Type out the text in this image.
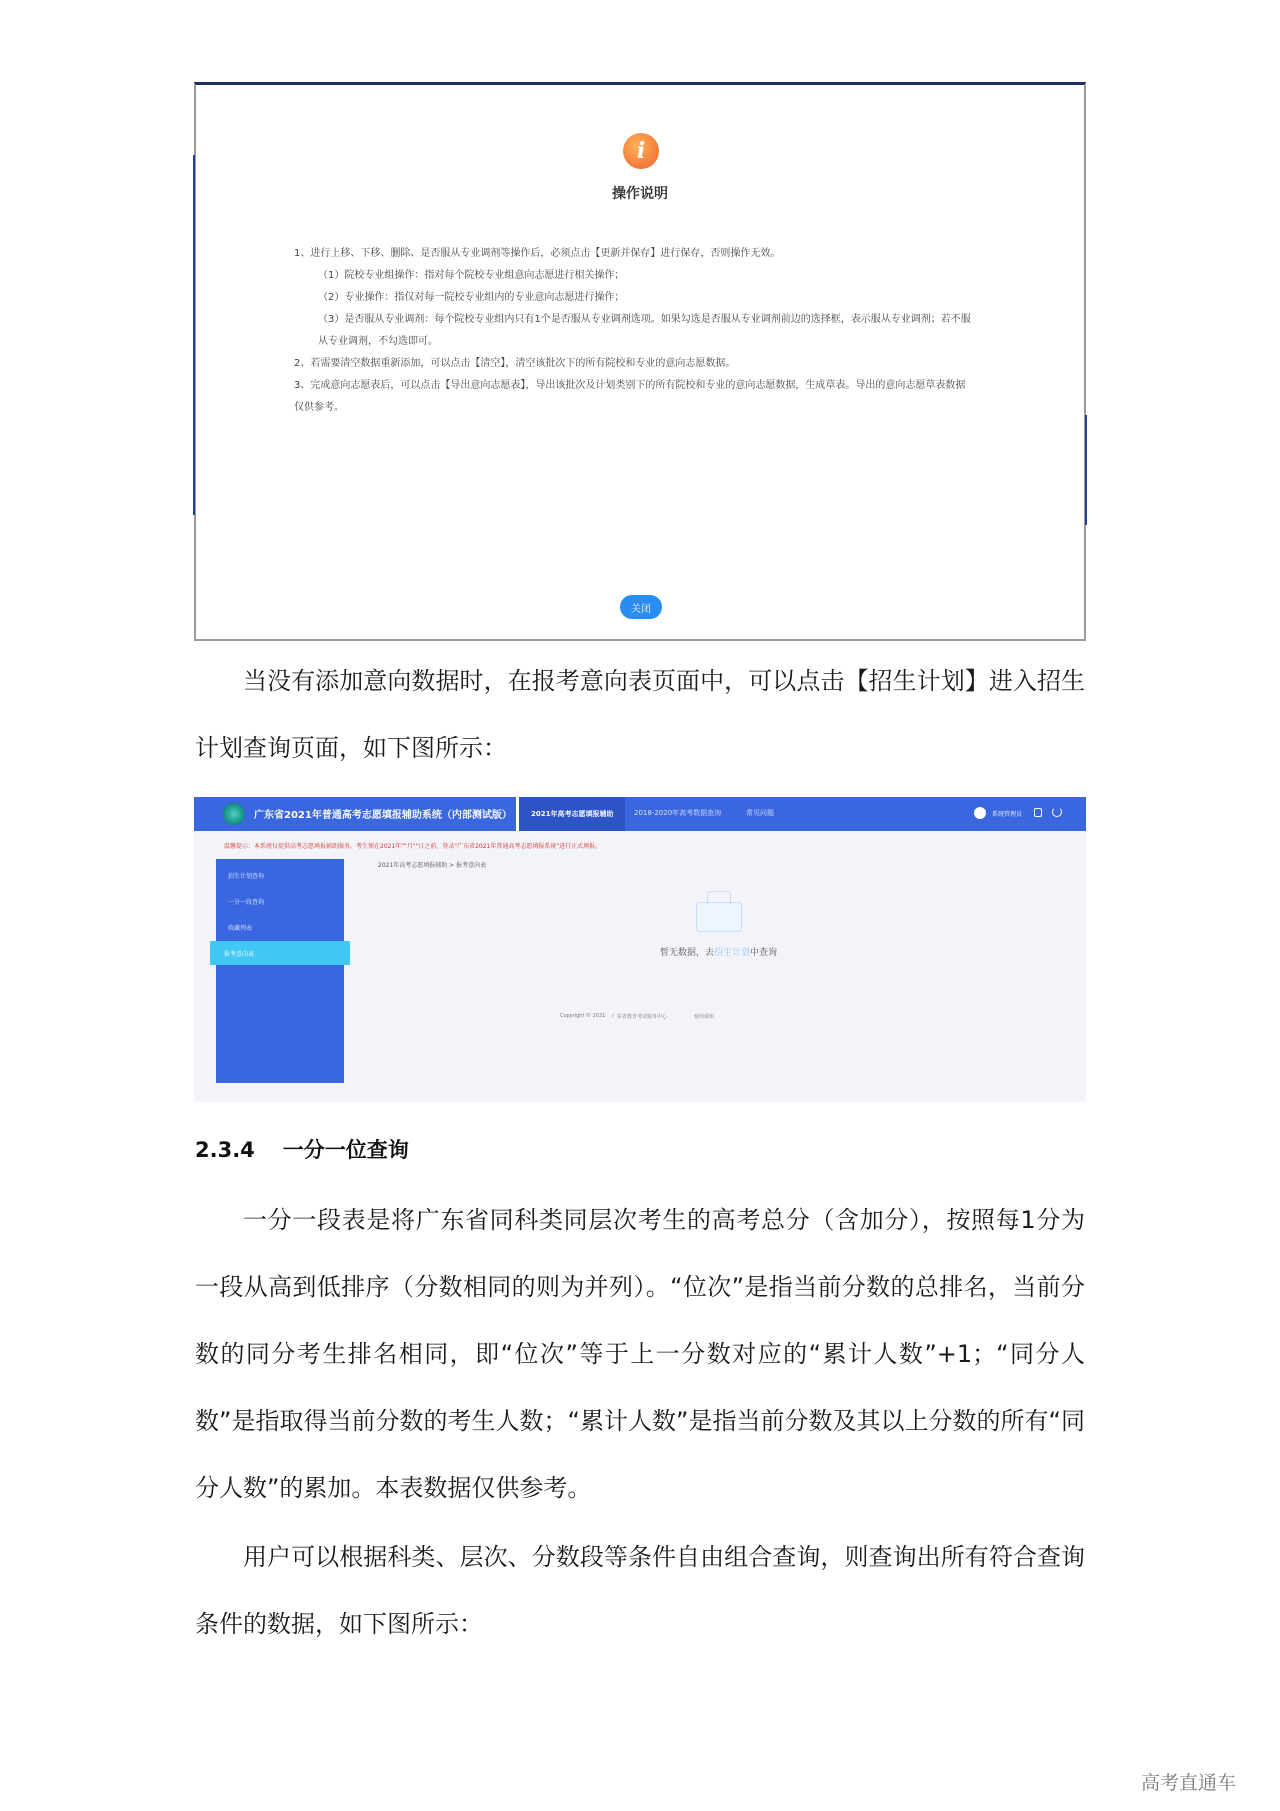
i
操作说明

1、进行上移、下移、删除、是否服从专业调剂等操作后，必须点击【更新并保存】进行保存，否则操作无效。

（1）院校专业组操作：指对每个院校专业组意向志愿进行相关操作；

（2）专业操作：指仅对每一院校专业组内的专业意向志愿进行操作；

（3）是否服从专业调剂：每个院校专业组内只有1个是否服从专业调剂选项。如果勾选是否服从专业调剂前边的选择框，表示服从专业调剂；若不服从专业调剂，不勾选即可。

2、若需要清空数据重新添加，可以点击【清空】，清空该批次下的所有院校和专业的意向志愿数据。

3、完成意向志愿表后，可以点击【导出意向志愿表】，导出该批次及计划类别下的所有院校和专业的意向志愿数据，生成草表。导出的意向志愿草表数据仅供参考。

关闭

当没有添加意向数据时，在报考意向表页面中，可以点击【招生计划】进入招生计划查询页面，如下图所示：

广东省2021年普通高考志愿填报辅助系统（内部测试版）	2021年高考志愿填报辅助	2018-2020年高考数据查询	常见问题	系统管理员
温馨提示：本系统仅提供高考志愿填报辅助服务。考生须在2021年""月""日之前，登录"广东省2021年普通高考志愿填报系统"进行正式填报。
招生计划查询
一分一段查询
收藏列表
报考意向表
2021年高考志愿填报辅助 > 报考意向表
暂无数据，去招生计划中查询
Copyright © 2021 广东省教育考试服务中心	使用须知
2.3.4 一分一位查询

一分一段表是将广东省同科类同层次考生的高考总分（含加分），按照每1分为一段从高到低排序（分数相同的则为并列）。“位次”是指当前分数的总排名，当前分数的同分考生排名相同，即“位次”等于上一分数对应的“累计人数”+1；“同分人数”是指取得当前分数的考生人数；“累计人数”是指当前分数及其以上分数的所有“同分人数”的累加。本表数据仅供参考。

用户可以根据科类、层次、分数段等条件自由组合查询，则查询出所有符合查询条件的数据，如下图所示：

高考直通车
